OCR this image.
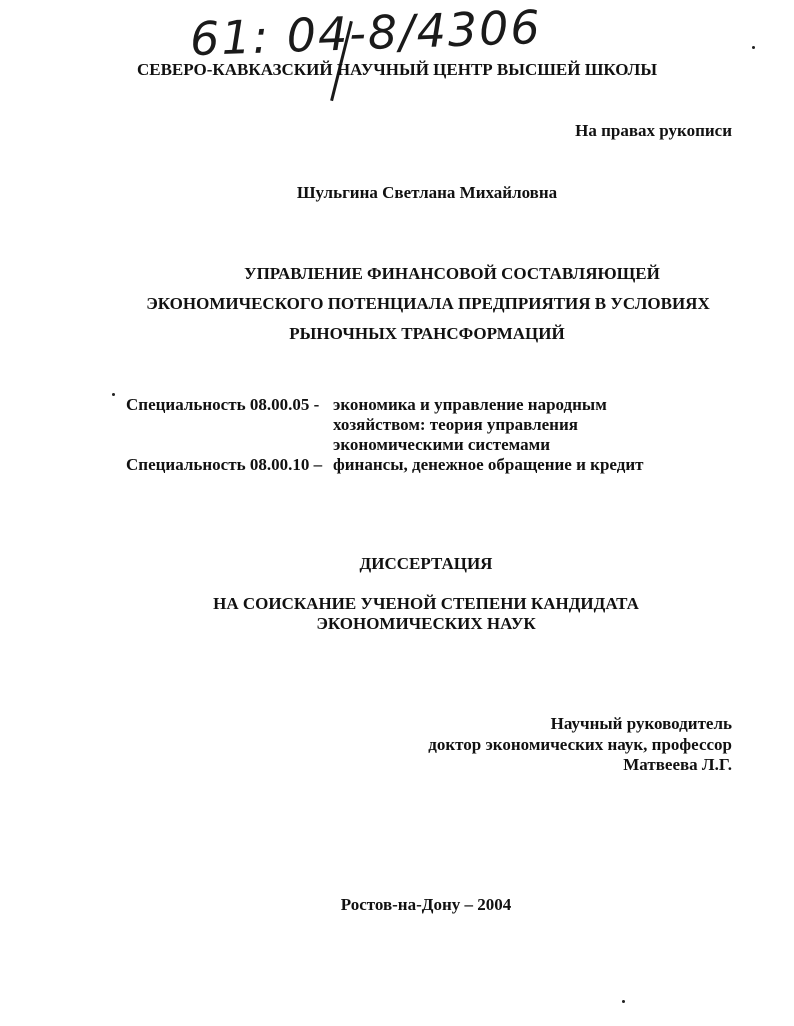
61: 04-8/4306
СЕВЕРО-КАВКАЗСКИЙ НАУЧНЫЙ ЦЕНТР ВЫСШЕЙ ШКОЛЫ
На правах рукописи
Шульгина Светлана Михайловна
УПРАВЛЕНИЕ ФИНАНСОВОЙ СОСТАВЛЯЮЩЕЙ
ЭКОНОМИЧЕСКОГО ПОТЕНЦИАЛА ПРЕДПРИЯТИЯ В УСЛОВИЯХ
РЫНОЧНЫХ ТРАНСФОРМАЦИЙ
Специальность 08.00.05 - экономика и управление народным
хозяйством: теория управления
экономическими системами
Специальность 08.00.10 – финансы, денежное обращение и кредит
ДИССЕРТАЦИЯ
НА СОИСКАНИЕ УЧЕНОЙ СТЕПЕНИ КАНДИДАТА
ЭКОНОМИЧЕСКИХ НАУК
Научный руководитель
доктор экономических наук, профессор
Матвеева Л.Г.
Ростов-на-Дону – 2004
